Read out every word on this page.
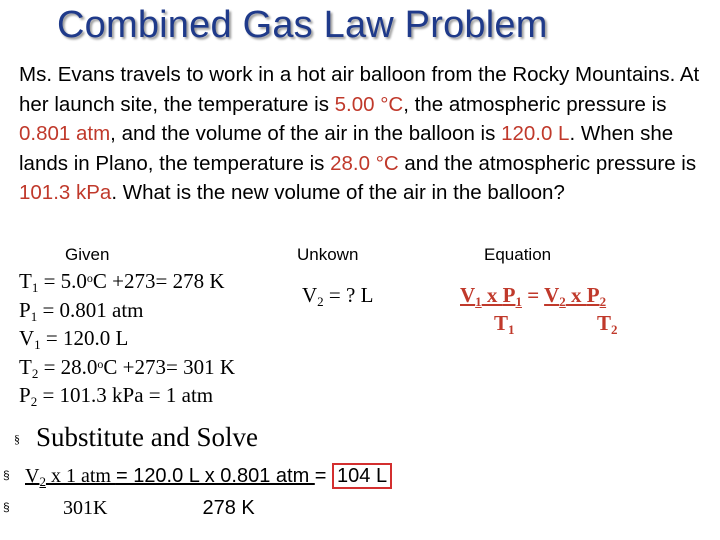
Combined Gas Law Problem
Ms. Evans travels to work in a hot air balloon from the Rocky Mountains. At her launch site, the temperature is 5.00 °C, the atmospheric pressure is 0.801 atm, and the volume of the air in the balloon is 120.0 L. When she lands in Plano, the temperature is 28.0 °C and the atmospheric pressure is 101.3 kPa. What is the new volume of the air in the balloon?
Given	Unkown	Equation
$T_1 = 5.0^oC +273= 278$ K
$P_1 = 0.801$ atm
$V_1 = 120.0$ L
$T_2 = 28.0^oC +273= 301$ K
$P_2 = 101.3$ kPa = 1 atm
$V_2$ = ? L	$V_1$ x $P_1 = V_2$ x $P_2$
$T_1$	$T_2$
§ Substitute and Solve
§ $V_2$ x 1 atm = 120.0 L x 0.801 atm = 104 L
§	301K	278 K
